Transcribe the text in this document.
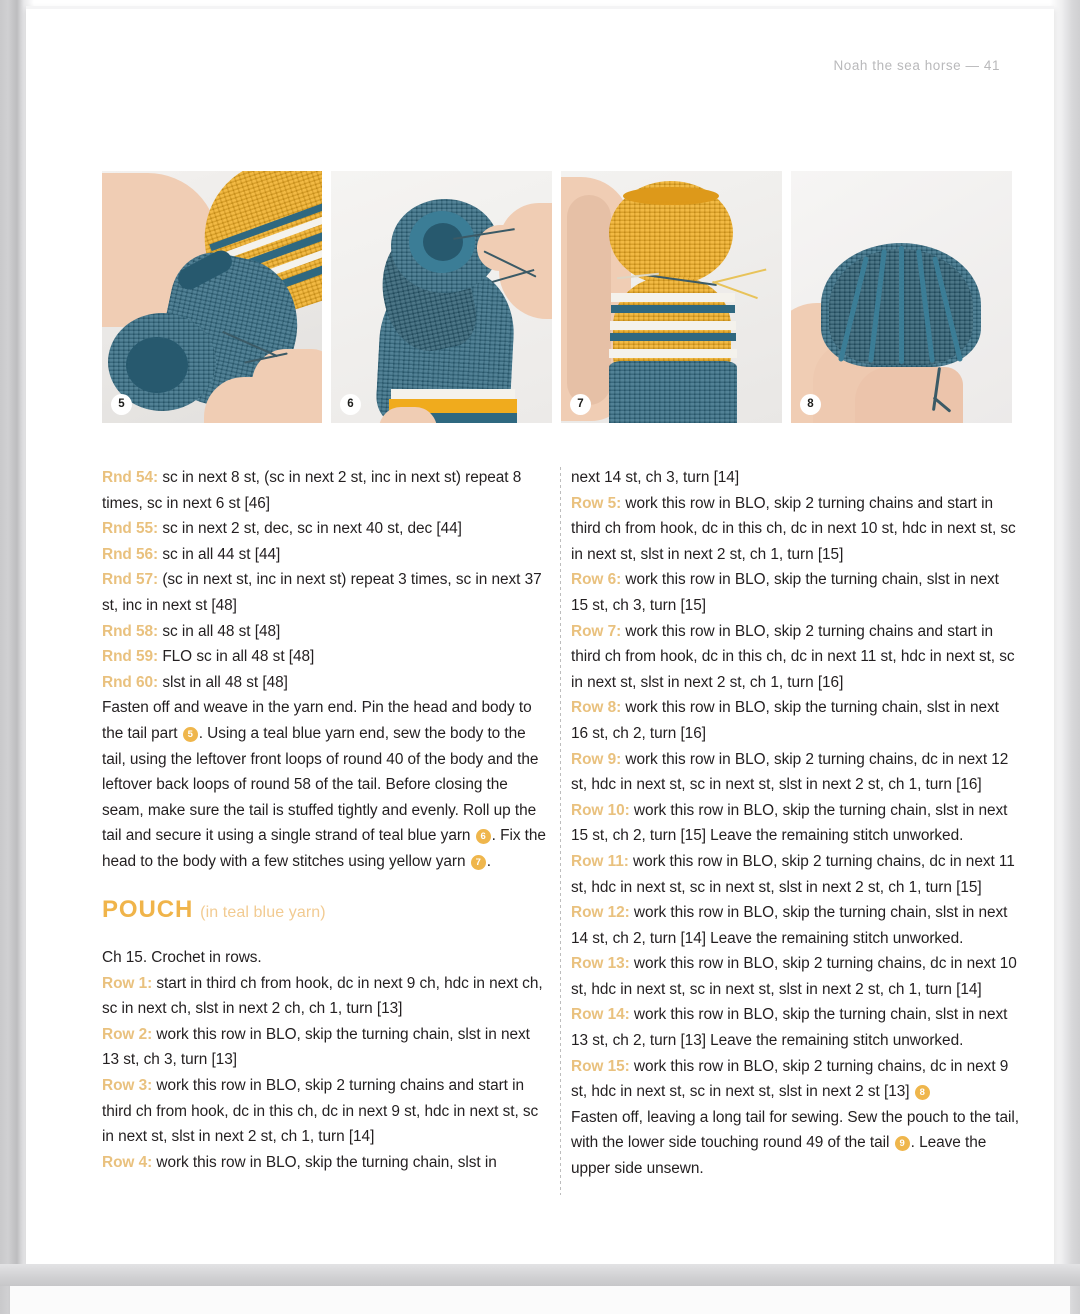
Noah the sea horse — 41
5	6	7	8

Rnd 54: sc in next 8 st, (sc in next 2 st, inc in next st) repeat 8 times, sc in next 6 st [46]

Rnd 55: sc in next 2 st, dec, sc in next 40 st, dec [44]

Rnd 56: sc in all 44 st [44]

Rnd 57: (sc in next st, inc in next st) repeat 3 times, sc in next 37 st, inc in next st [48]

Rnd 58: sc in all 48 st [48]

Rnd 59: FLO sc in all 48 st [48]

Rnd 60: slst in all 48 st [48]

Fasten off and weave in the yarn end. Pin the head and body to the tail part 5 . Using a teal blue yarn end, sew the body to the tail, using the leftover front loops of round 40 of the body and the leftover back loops of round 58 of the tail. Before closing the seam, make sure the tail is stuffed tightly and evenly. Roll up the tail and secure it using a single strand of teal blue yarn 6 . Fix the head to the body with a few stitches using yellow yarn 7 .

POUCH (in teal blue yarn)

Ch 15. Crochet in rows.

Row 1: start in third ch from hook, dc in next 9 ch, hdc in next ch, sc in next ch, slst in next 2 ch, ch 1, turn [13]

Row 2: work this row in BLO, skip the turning chain, slst in next 13 st, ch 3, turn [13]

Row 3: work this row in BLO, skip 2 turning chains and start in third ch from hook, dc in this ch, dc in next 9 st, hdc in next st, sc in next st, slst in next 2 st, ch 1, turn [14]

Row 4: work this row in BLO, skip the turning chain, slst in

next 14 st, ch 3, turn [14]

Row 5: work this row in BLO, skip 2 turning chains and start in third ch from hook, dc in this ch, dc in next 10 st, hdc in next st, sc in next st, slst in next 2 st, ch 1, turn [15]

Row 6: work this row in BLO, skip the turning chain, slst in next 15 st, ch 3, turn [15]

Row 7: work this row in BLO, skip 2 turning chains and start in third ch from hook, dc in this ch, dc in next 11 st, hdc in next st, sc in next st, slst in next 2 st, ch 1, turn [16]

Row 8: work this row in BLO, skip the turning chain, slst in next 16 st, ch 2, turn [16]

Row 9: work this row in BLO, skip 2 turning chains, dc in next 12 st, hdc in next st, sc in next st, slst in next 2 st, ch 1, turn [16]

Row 10: work this row in BLO, skip the turning chain, slst in next 15 st, ch 2, turn [15] Leave the remaining stitch unworked.

Row 11: work this row in BLO, skip 2 turning chains, dc in next 11 st, hdc in next st, sc in next st, slst in next 2 st, ch 1, turn [15]

Row 12: work this row in BLO, skip the turning chain, slst in next 14 st, ch 2, turn [14] Leave the remaining stitch unworked.

Row 13: work this row in BLO, skip 2 turning chains, dc in next 10 st, hdc in next st, sc in next st, slst in next 2 st, ch 1, turn [14]

Row 14: work this row in BLO, skip the turning chain, slst in next 13 st, ch 2, turn [13] Leave the remaining stitch unworked.

Row 15: work this row in BLO, skip 2 turning chains, dc in next 9 st, hdc in next st, sc in next st, slst in next 2 st [13] 8

Fasten off, leaving a long tail for sewing. Sew the pouch to the tail, with the lower side touching round 49 of the tail 9 . Leave the upper side unsewn.
